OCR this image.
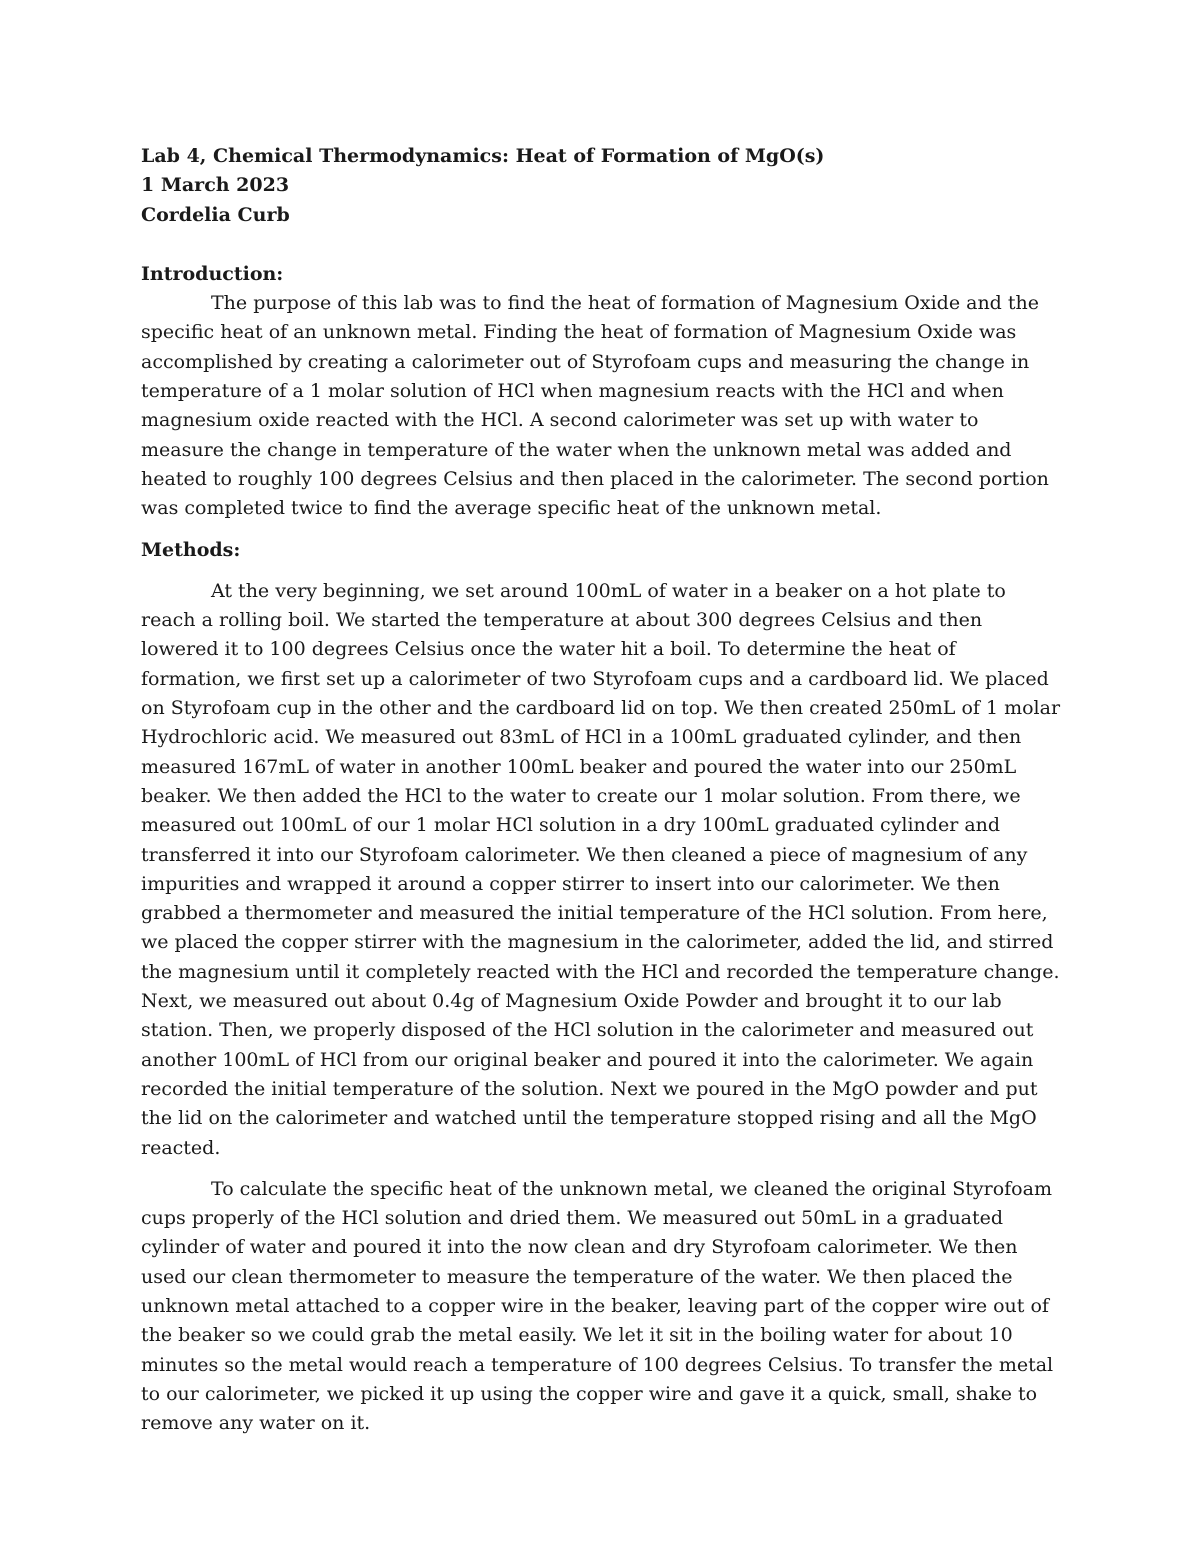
Lab 4, Chemical Thermodynamics: Heat of Formation of MgO(s)
1 March 2023
Cordelia Curb
Introduction:

The purpose of this lab was to find the heat of formation of Magnesium Oxide and the specific heat of an unknown metal. Finding the heat of formation of Magnesium Oxide was accomplished by creating a calorimeter out of Styrofoam cups and measuring the change in temperature of a 1 molar solution of HCl when magnesium reacts with the HCl and when magnesium oxide reacted with the HCl. A second calorimeter was set up with water to measure the change in temperature of the water when the unknown metal was added and heated to roughly 100 degrees Celsius and then placed in the calorimeter. The second portion was completed twice to find the average specific heat of the unknown metal.

Methods:

At the very beginning, we set around 100mL of water in a beaker on a hot plate to reach a rolling boil. We started the temperature at about 300 degrees Celsius and then lowered it to 100 degrees Celsius once the water hit a boil. To determine the heat of formation, we first set up a calorimeter of two Styrofoam cups and a cardboard lid. We placed on Styrofoam cup in the other and the cardboard lid on top. We then created 250mL of 1 molar Hydrochloric acid. We measured out 83mL of HCl in a 100mL graduated cylinder, and then measured 167mL of water in another 100mL beaker and poured the water into our 250mL beaker. We then added the HCl to the water to create our 1 molar solution. From there, we measured out 100mL of our 1 molar HCl solution in a dry 100mL graduated cylinder and transferred it into our Styrofoam calorimeter. We then cleaned a piece of magnesium of any impurities and wrapped it around a copper stirrer to insert into our calorimeter. We then grabbed a thermometer and measured the initial temperature of the HCl solution. From here, we placed the copper stirrer with the magnesium in the calorimeter, added the lid, and stirred the magnesium until it completely reacted with the HCl and recorded the temperature change. Next, we measured out about 0.4g of Magnesium Oxide Powder and brought it to our lab station. Then, we properly disposed of the HCl solution in the calorimeter and measured out another 100mL of HCl from our original beaker and poured it into the calorimeter. We again recorded the initial temperature of the solution. Next we poured in the MgO powder and put the lid on the calorimeter and watched until the temperature stopped rising and all the MgO reacted.

To calculate the specific heat of the unknown metal, we cleaned the original Styrofoam cups properly of the HCl solution and dried them. We measured out 50mL in a graduated cylinder of water and poured it into the now clean and dry Styrofoam calorimeter. We then used our clean thermometer to measure the temperature of the water. We then placed the unknown metal attached to a copper wire in the beaker, leaving part of the copper wire out of the beaker so we could grab the metal easily. We let it sit in the boiling water for about 10 minutes so the metal would reach a temperature of 100 degrees Celsius. To transfer the metal to our calorimeter, we picked it up using the copper wire and gave it a quick, small, shake to remove any water on it.
